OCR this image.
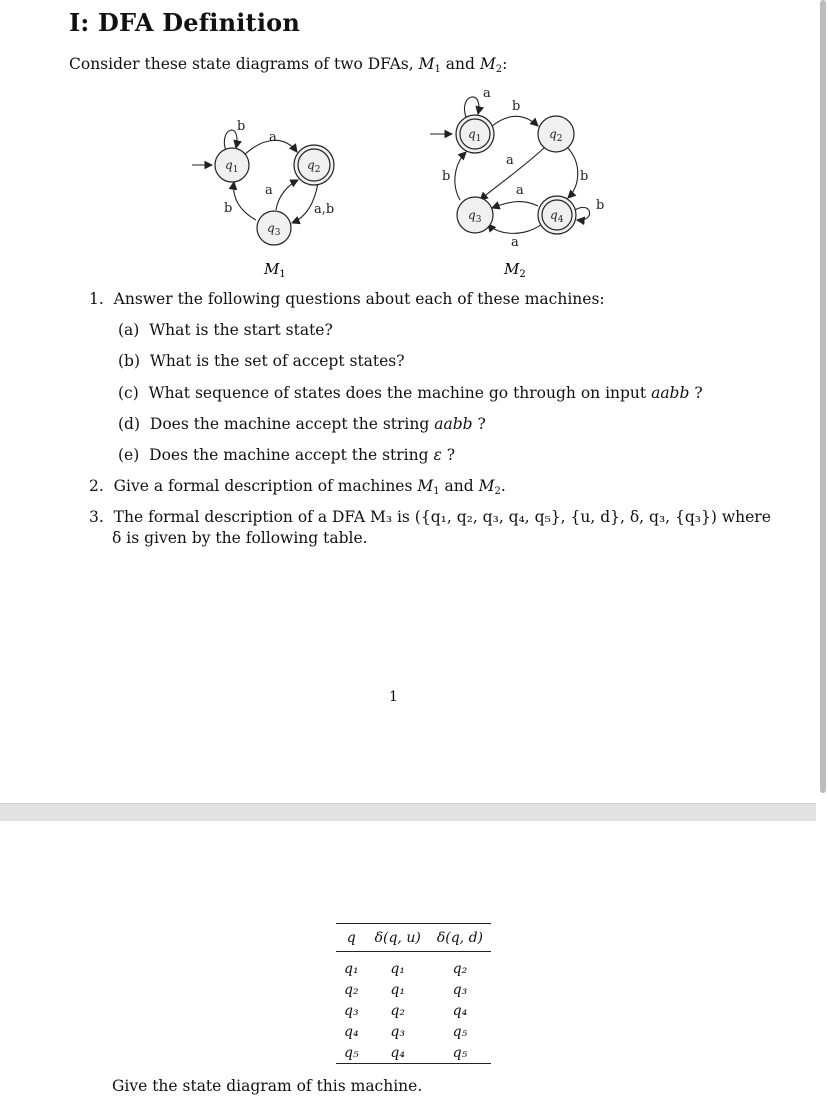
I: DFA Definition
Consider these state diagrams of two DFAs, $M_1$ and $M_2$:
b
a
b
a
a,b
$q_1$	$q_2$
$q_3$
$M_1$
a
b
a
b	b
a
a
b
$q_1$	$q_2$
$q_3$	$q_4$
$M_2$
1. Answer the following questions about each of these machines:
(a) What is the start state?
(b) What is the set of accept states?
(c) What sequence of states does the machine go through on input aabb ?
(d) Does the machine accept the string aabb ?
(e) Does the machine accept the string ε ?
2. Give a formal description of machines $M_1$ and $M_2$.
3. The formal description of a DFA M₃ is ({q₁, q₂, q₃, q₄, q₅}, {u, d}, δ, q₃, {q₃}) where
δ is given by the following table.
1
q	δ(q, u)	δ(q, d)
q₁	q₁	q₂
q₂	q₁	q₃
q₃	q₂	q₄
q₄	q₃	q₅
q₅	q₄	q₅
Give the state diagram of this machine.
